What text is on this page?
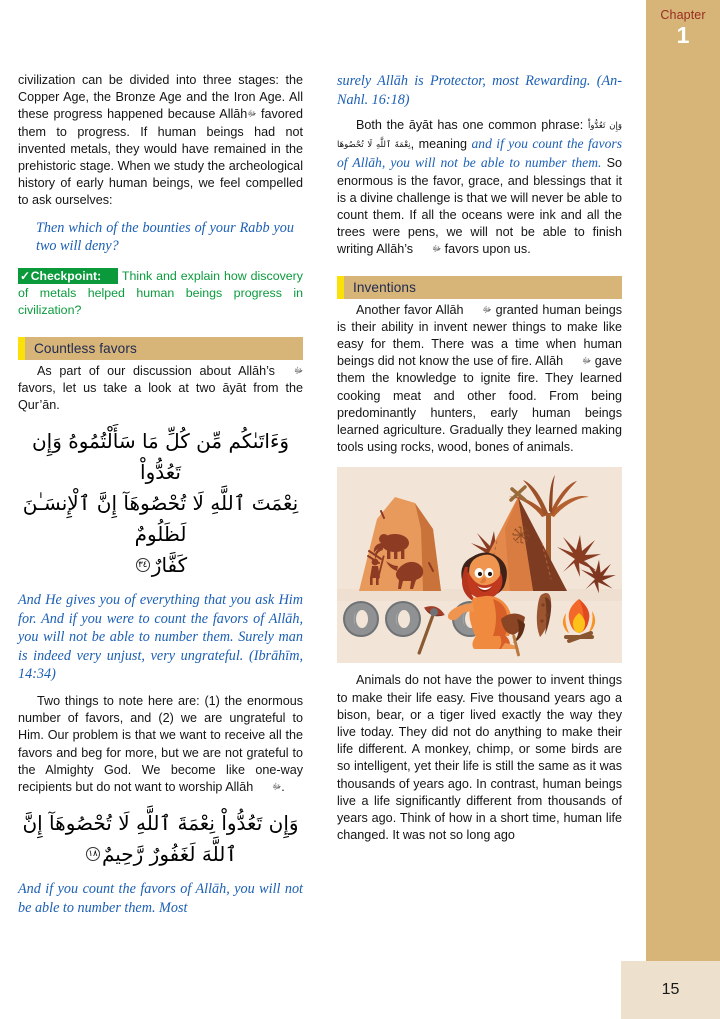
Chapter
1
15

civilization can be divided into three stages: the Copper Age, the Bronze Age and the Iron Age. All these progress happened because Allāhﷻ favored them to progress. If human beings had not invented metals, they would have remained in the prehistoric stage. When we study the archeological history of early human beings, we feel compelled to ask ourselves:

Then which of the bounties of your Rabb you two will deny?

✓Checkpoint: Think and explain how discovery of metals helped human beings progress in civilization?

Countless favors

As part of our discussion about Allāh’s ﷻ favors, let us take a look at two āyāt from the Qur’ān.

وَءَاتَىٰكُم مِّن كُلِّ مَا سَأَلْتُمُوهُ وَإِن تَعُدُّواْ
نِعْمَتَ ٱللَّهِ لَا تُحْصُوهَآ إِنَّ ٱلْإِنسَـٰنَ لَظَلُومٌ
كَفَّارٌ٣٤

And He gives you of everything that you ask Him for. And if you were to count the favors of Allāh, you will not be able to number them. Surely man is indeed very unjust, very ungrateful. (Ibrāhīm, 14:34)

Two things to note here are: (1) the enormous number of favors, and (2) we are ungrateful to Him. Our problem is that we want to receive all the favors and beg for more, but we are not grateful to the Almighty God. We become like one-way recipients but do not want to worship Allāh ﷻ.

وَإِن تَعُدُّواْ نِعْمَةَ ٱللَّهِ لَا تُحْصُوهَآ إِنَّ
ٱللَّهَ لَغَفُورٌ رَّحِيمٌ١٨

And if you count the favors of Allāh, you will not be able to number them. Most

surely Allāh is Protector, most Rewarding. (An-Nahl. 16:18)

Both the āyāt has one common phrase: وَإِن تَعُدُّواْ نِعْمَةَ ٱللَّهِ لَا تُحْصُوهَا, meaning and if you count the favors of Allāh, you will not be able to number them. So enormous is the favor, grace, and blessings that it is a divine challenge is that we will never be able to count them. If all the oceans were ink and all the trees were pens, we will not be able to finish writing Allāh’s ﷻ favors upon us.

Inventions

Another favor Allāh ﷻ granted human beings is their ability in invent newer things to make like easy for them. There was a time when human beings did not know the use of fire. Allāh ﷻ gave them the knowledge to ignite fire. They learned cooking meat and other food. From being predominantly hunters, early human beings learned agriculture. Gradually they learned making tools using rocks, wood, bones of animals.

Animals do not have the power to invent things to make their life easy. Five thousand years ago a bison, bear, or a tiger lived exactly the way they live today. They did not do anything to make their life different. A monkey, chimp, or some birds are so intelligent, yet their life is still the same as it was thousands of years ago. In contrast, human beings live a life significantly different from thousands of years ago. Think of how in a short time, human life changed. It was not so long ago
